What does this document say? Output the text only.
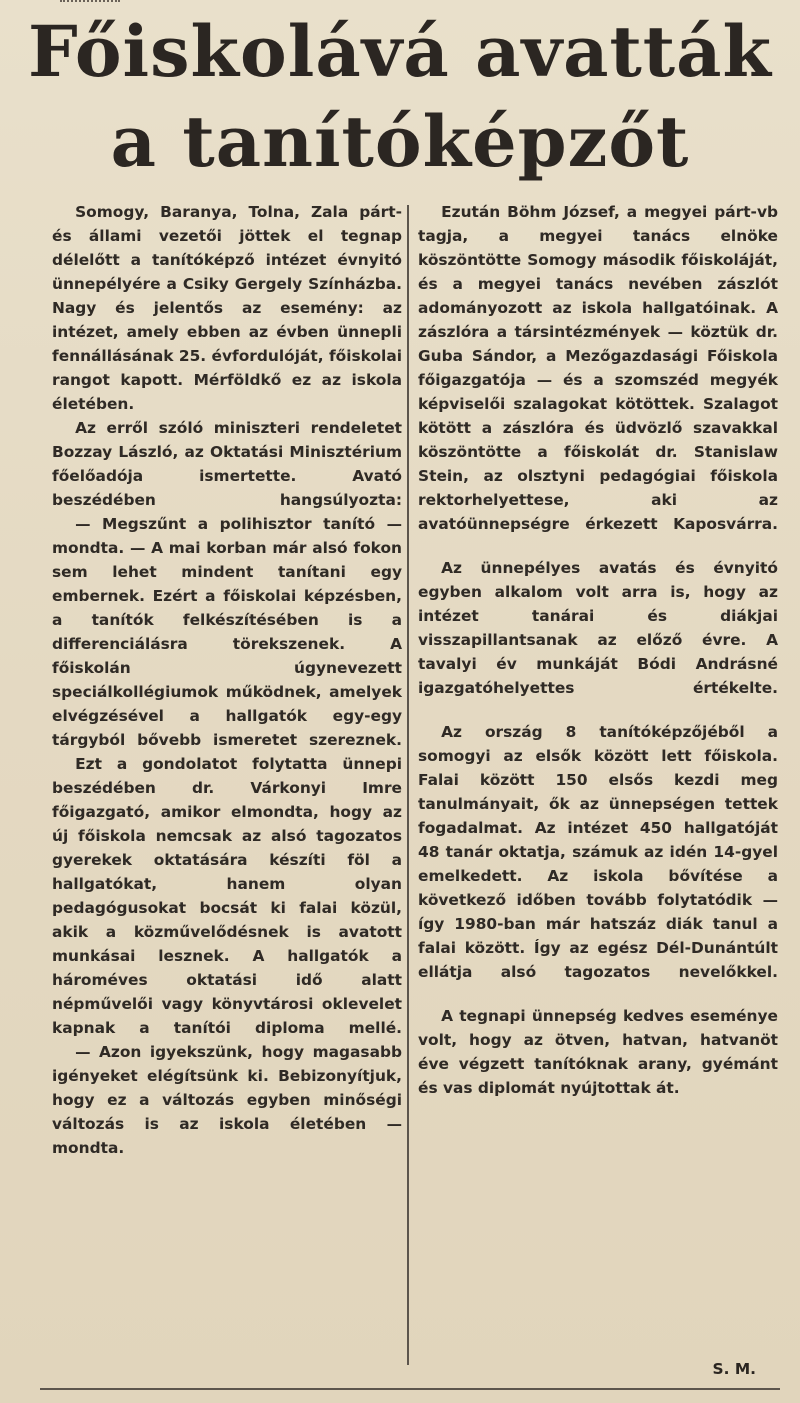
Főiskolává avatták
a tanítóképzőt

Somogy, Baranya, Tolna, Zala párt- és állami vezetői jöttek el tegnap délelőtt a tanítóképző intézet évnyitó ünnepélyére a Csiky Gergely Színházba. Nagy és jelentős az esemény: az intézet, amely ebben az évben ünnepli fennállásának 25. évfordulóját, főiskolai rangot kapott. Mérföldkő ez az iskola életében.

Az erről szóló miniszteri rendeletet Bozzay László, az Oktatási Minisztérium főelőadója ismertette. Avató beszédében hangsúlyozta:

— Megszűnt a polihisztor tanító — mondta. — A mai korban már alsó fokon sem lehet mindent tanítani egy embernek. Ezért a főiskolai képzésben, a tanítók felkészítésében is a differenciálásra törekszenek. A főiskolán úgynevezett speciálkollégiumok működnek, amelyek elvégzésével a hallgatók egy-egy tárgyból bővebb ismeretet szereznek.

Ezt a gondolatot folytatta ünnepi beszédében dr. Várkonyi Imre főigazgató, amikor elmondta, hogy az új főiskola nemcsak az alsó tagozatos gyerekek oktatására készíti föl a hallgatókat, hanem olyan pedagógusokat bocsát ki falai közül, akik a közművelődésnek is avatott munkásai lesznek. A hallgatók a hároméves oktatási idő alatt népművelői vagy könyvtárosi oklevelet kapnak a tanítói diploma mellé.

— Azon igyekszünk, hogy magasabb igényeket elégítsünk ki. Bebizonyítjuk, hogy ez a változás egyben minőségi változás is az iskola életében — mondta.

Ezután Böhm József, a megyei párt-vb tagja, a megyei tanács elnöke köszöntötte Somogy második főiskoláját, és a megyei tanács nevében zászlót adományozott az iskola hallgatóinak. A zászlóra a társintézmények — köztük dr. Guba Sándor, a Mezőgazdasági Főiskola főigazgatója — és a szomszéd megyék képviselői szalagokat kötöttek. Szalagot kötött a zászlóra és üdvözlő szavakkal köszöntötte a főiskolát dr. Stanislaw Stein, az olsztyni pedagógiai főiskola rektorhelyettese, aki az avatóünnepségre érkezett Kaposvárra.

Az ünnepélyes avatás és évnyitó egyben alkalom volt arra is, hogy az intézet tanárai és diákjai visszapillantsanak az előző évre. A tavalyi év munkáját Bódi Andrásné igazgatóhelyettes értékelte.

Az ország 8 tanítóképzőjéből a somogyi az elsők között lett főiskola. Falai között 150 elsős kezdi meg tanulmányait, ők az ünnepségen tettek fogadalmat. Az intézet 450 hallgatóját 48 tanár oktatja, számuk az idén 14-gyel emelkedett. Az iskola bővítése a következő időben tovább folytatódik — így 1980-ban már hatszáz diák tanul a falai között. Így az egész Dél-Dunántúlt ellátja alsó tagozatos nevelőkkel.

A tegnapi ünnepség kedves eseménye volt, hogy az ötven, hatvan, hatvanöt éve végzett tanítóknak arany, gyémánt és vas diplomát nyújtottak át.

S. M.
